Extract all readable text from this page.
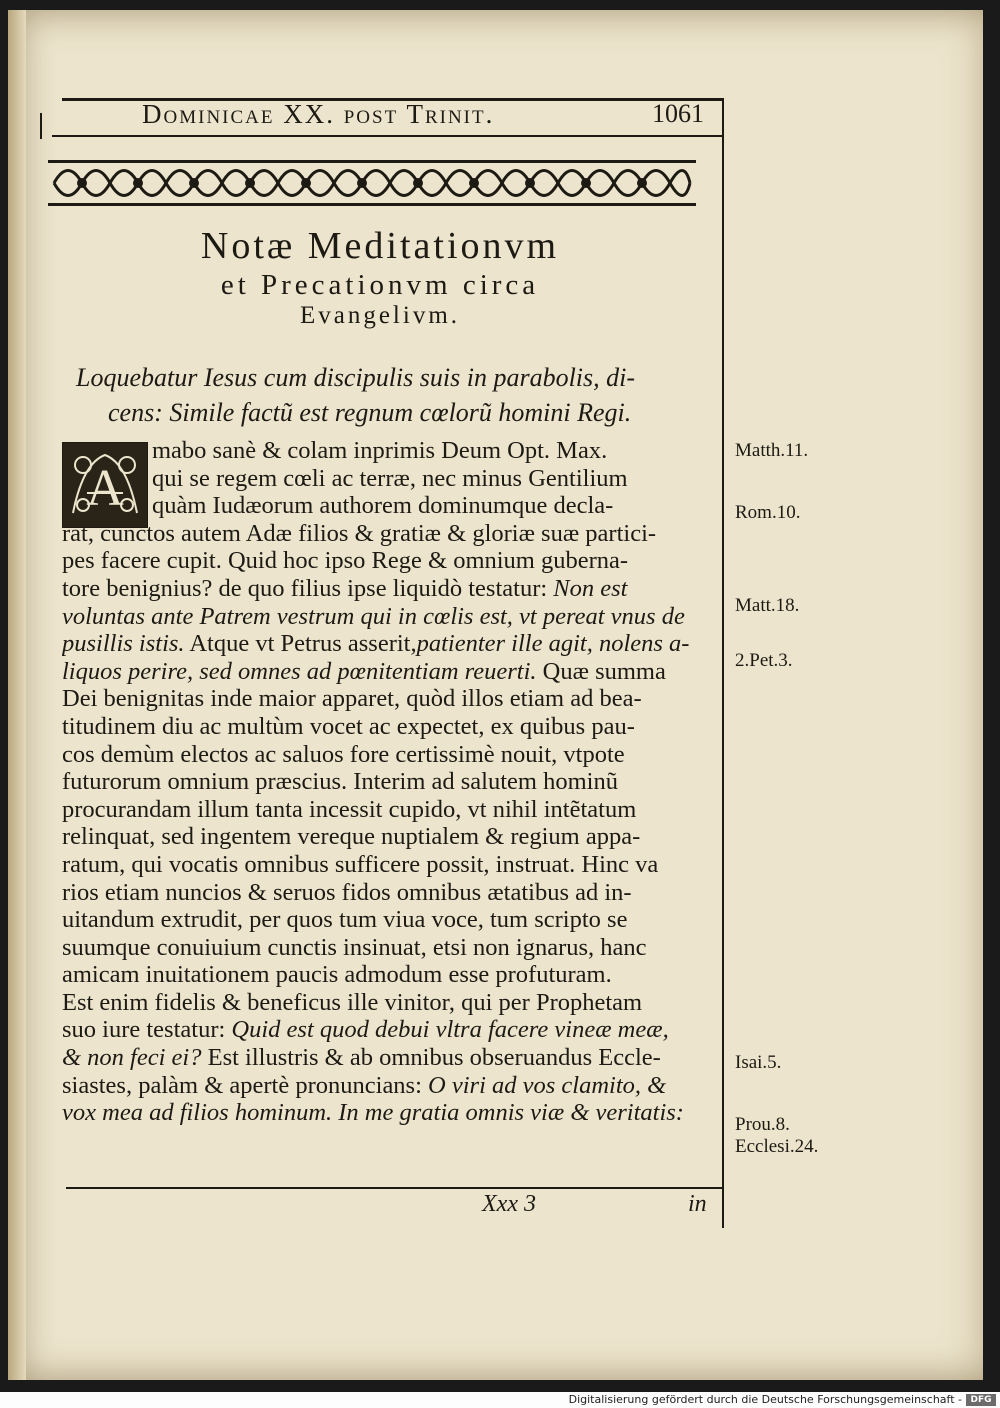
Dominicae XX. post Trinit.	1061
Notæ Meditationvm
et Precationvm circa
Evangelivm.
Loquebatur Iesus cum discipulis suis in parabolis, di-
cens: Simile factũ est regnum cœlorũ homini Regi.
A
mabo sanè & colam inprimis Deum Opt. Max.
qui se regem cœli ac terræ, nec minus Gentilium
quàm Iudæorum authorem dominumque decla-
rat, cunctos autem Adæ filios & gratiæ & gloriæ suæ partici-
pes facere cupit. Quid hoc ipso Rege & omnium guberna-
tore benignius? de quo filius ipse liquidò testatur: Non est
voluntas ante Patrem vestrum qui in cœlis est, vt pereat vnus de
pusillis istis. Atque vt Petrus asserit,patienter ille agit, nolens a-
liquos perire, sed omnes ad pœnitentiam reuerti. Quæ summa
Dei benignitas inde maior apparet, quòd illos etiam ad bea-
titudinem diu ac multùm vocet ac expectet, ex quibus pau-
cos demùm electos ac saluos fore certissimè nouit, vtpote
futurorum omnium præscius. Interim ad salutem hominũ
procurandam illum tanta incessit cupido, vt nihil intẽtatum
relinquat, sed ingentem vereque nuptialem & regium appa-
ratum, qui vocatis omnibus sufficere possit, instruat. Hinc va
rios etiam nuncios & seruos fidos omnibus ætatibus ad in-
uitandum extrudit, per quos tum viua voce, tum scripto se
suumque conuiuium cunctis insinuat, etsi non ignarus, hanc
amicam inuitationem paucis admodum esse profuturam.
Est enim fidelis & beneficus ille vinitor, qui per Prophetam
suo iure testatur: Quid est quod debui vltra facere vineæ meæ,
& non feci ei? Est illustris & ab omnibus obseruandus Eccle-
siastes, palàm & apertè pronuncians: O viri ad vos clamito, &
vox mea ad filios hominum. In me gratia omnis viæ & veritatis:
Matth.11.
Rom.10.
Matt.18.
2.Pet.3.
Isai.5.
Prou.8.
Ecclesi.24.
Xxx 3	in
Digitalisierung gefördert durch die Deutsche Forschungsgemeinschaft - DFG
